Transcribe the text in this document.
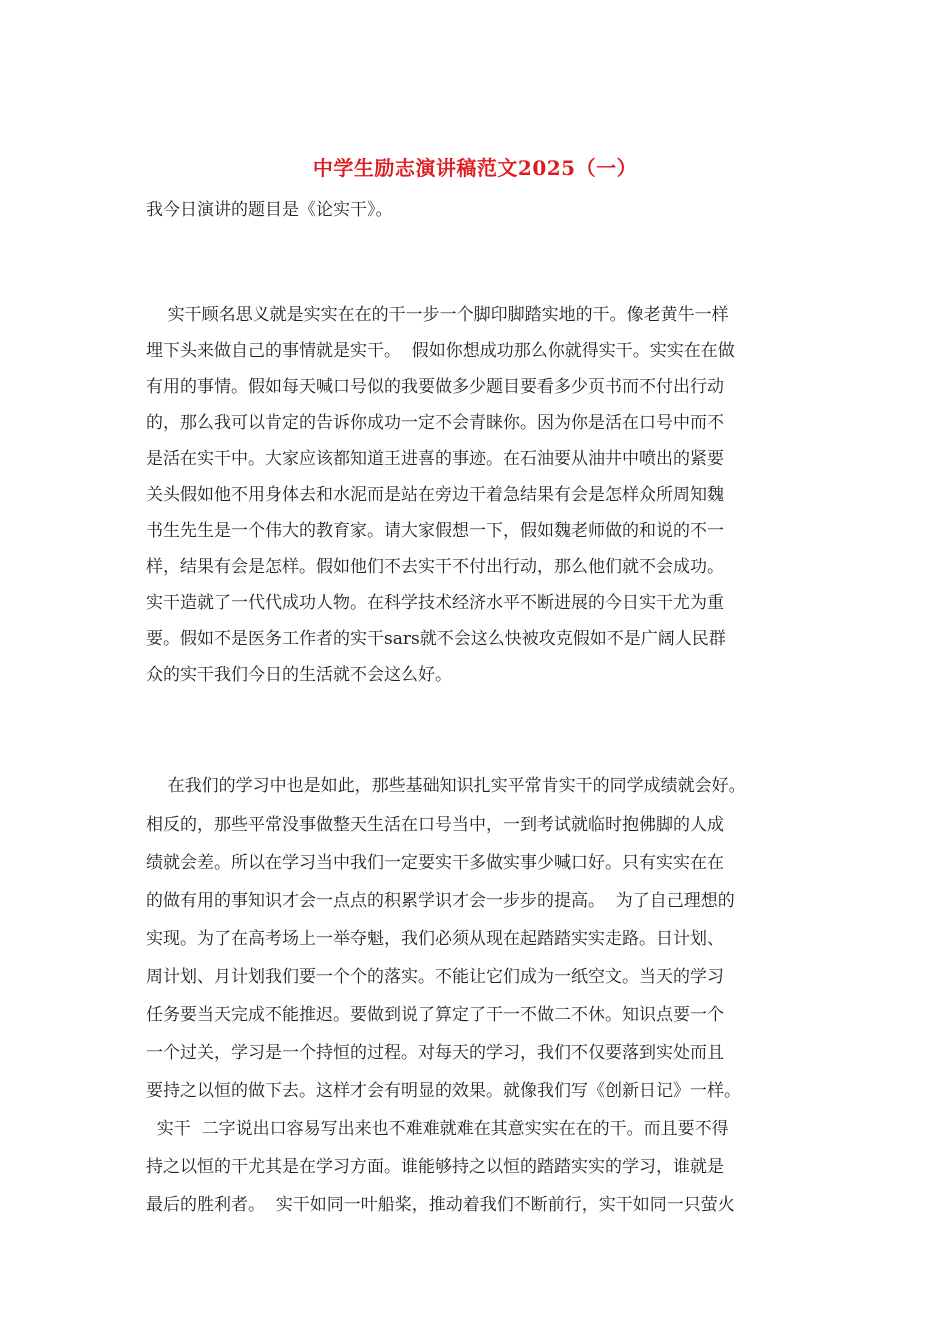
中学生励志演讲稿范文2025（一）
我今日演讲的题目是《论实干》。
实干顾名思义就是实实在在的干一步一个脚印脚踏实地的干。像老黄牛一样
埋下头来做自己的事情就是实干。  假如你想成功那么你就得实干。实实在在做
有用的事情。假如每天喊口号似的我要做多少题目要看多少页书而不付出行动
的，那么我可以肯定的告诉你成功一定不会青睐你。因为你是活在口号中而不
是活在实干中。大家应该都知道王进喜的事迹。在石油要从油井中喷出的紧要
关头假如他不用身体去和水泥而是站在旁边干着急结果有会是怎样众所周知魏
书生先生是一个伟大的教育家。请大家假想一下，假如魏老师做的和说的不一
样，结果有会是怎样。假如他们不去实干不付出行动，那么他们就不会成功。
实干造就了一代代成功人物。在科学技术经济水平不断进展的今日实干尤为重
要。假如不是医务工作者的实干sars就不会这么快被攻克假如不是广阔人民群
众的实干我们今日的生活就不会这么好。
在我们的学习中也是如此，那些基础知识扎实平常肯实干的同学成绩就会好。
相反的，那些平常没事做整天生活在口号当中，一到考试就临时抱佛脚的人成
绩就会差。所以在学习当中我们一定要实干多做实事少喊口好。只有实实在在
的做有用的事知识才会一点点的积累学识才会一步步的提高。  为了自己理想的
实现。为了在高考场上一举夺魁，我们必须从现在起踏踏实实走路。日计划、
周计划、月计划我们要一个个的落实。不能让它们成为一纸空文。当天的学习
任务要当天完成不能推迟。要做到说了算定了干一不做二不休。知识点要一个
一个过关，学习是一个持恒的过程。对每天的学习，我们不仅要落到实处而且
要持之以恒的做下去。这样才会有明显的效果。就像我们写《创新日记》一样。
实干  二字说出口容易写出来也不难难就难在其意实实在在的干。而且要不得
持之以恒的干尤其是在学习方面。谁能够持之以恒的踏踏实实的学习，谁就是
最后的胜利者。  实干如同一叶船桨，推动着我们不断前行，实干如同一只萤火
